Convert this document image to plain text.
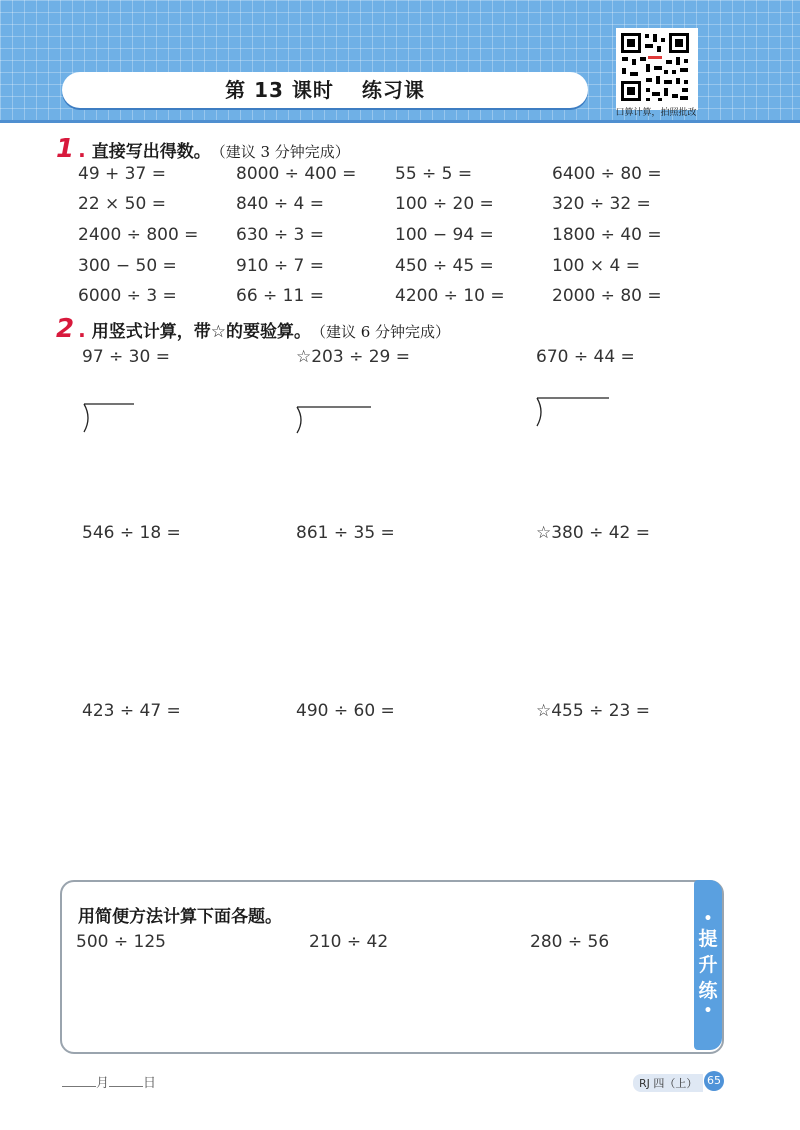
第 13 课时 练习课
口算计算，拍照批改
1 . 直接写出得数。 （建议 3 分钟完成）
49 + 37 =	8000 ÷ 400 = 55 ÷ 5 =	6400 ÷ 80 =
22 × 50 =	840 ÷ 4 =	100 ÷ 20 =	320 ÷ 32 =
2400 ÷ 800 = 630 ÷ 3 =	100 − 94 =	1800 ÷ 40 =
300 − 50 =	910 ÷ 7 =	450 ÷ 45 =	100 × 4 =
6000 ÷ 3 =	66 ÷ 11 =	4200 ÷ 10 =	2000 ÷ 80 =
2 . 用竖式计算，带☆的要验算。 （建议 6 分钟完成）
97 ÷ 30 =	☆203 ÷ 29 =	670 ÷ 44 =
546 ÷ 18 =	861 ÷ 35 =	☆380 ÷ 42 =
423 ÷ 47 =	490 ÷ 60 =	☆455 ÷ 23 =
•
提
升
练
•
用简便方法计算下面各题。
500 ÷ 125	210 ÷ 42	280 ÷ 56
月	日	RJ 四（上） 65
